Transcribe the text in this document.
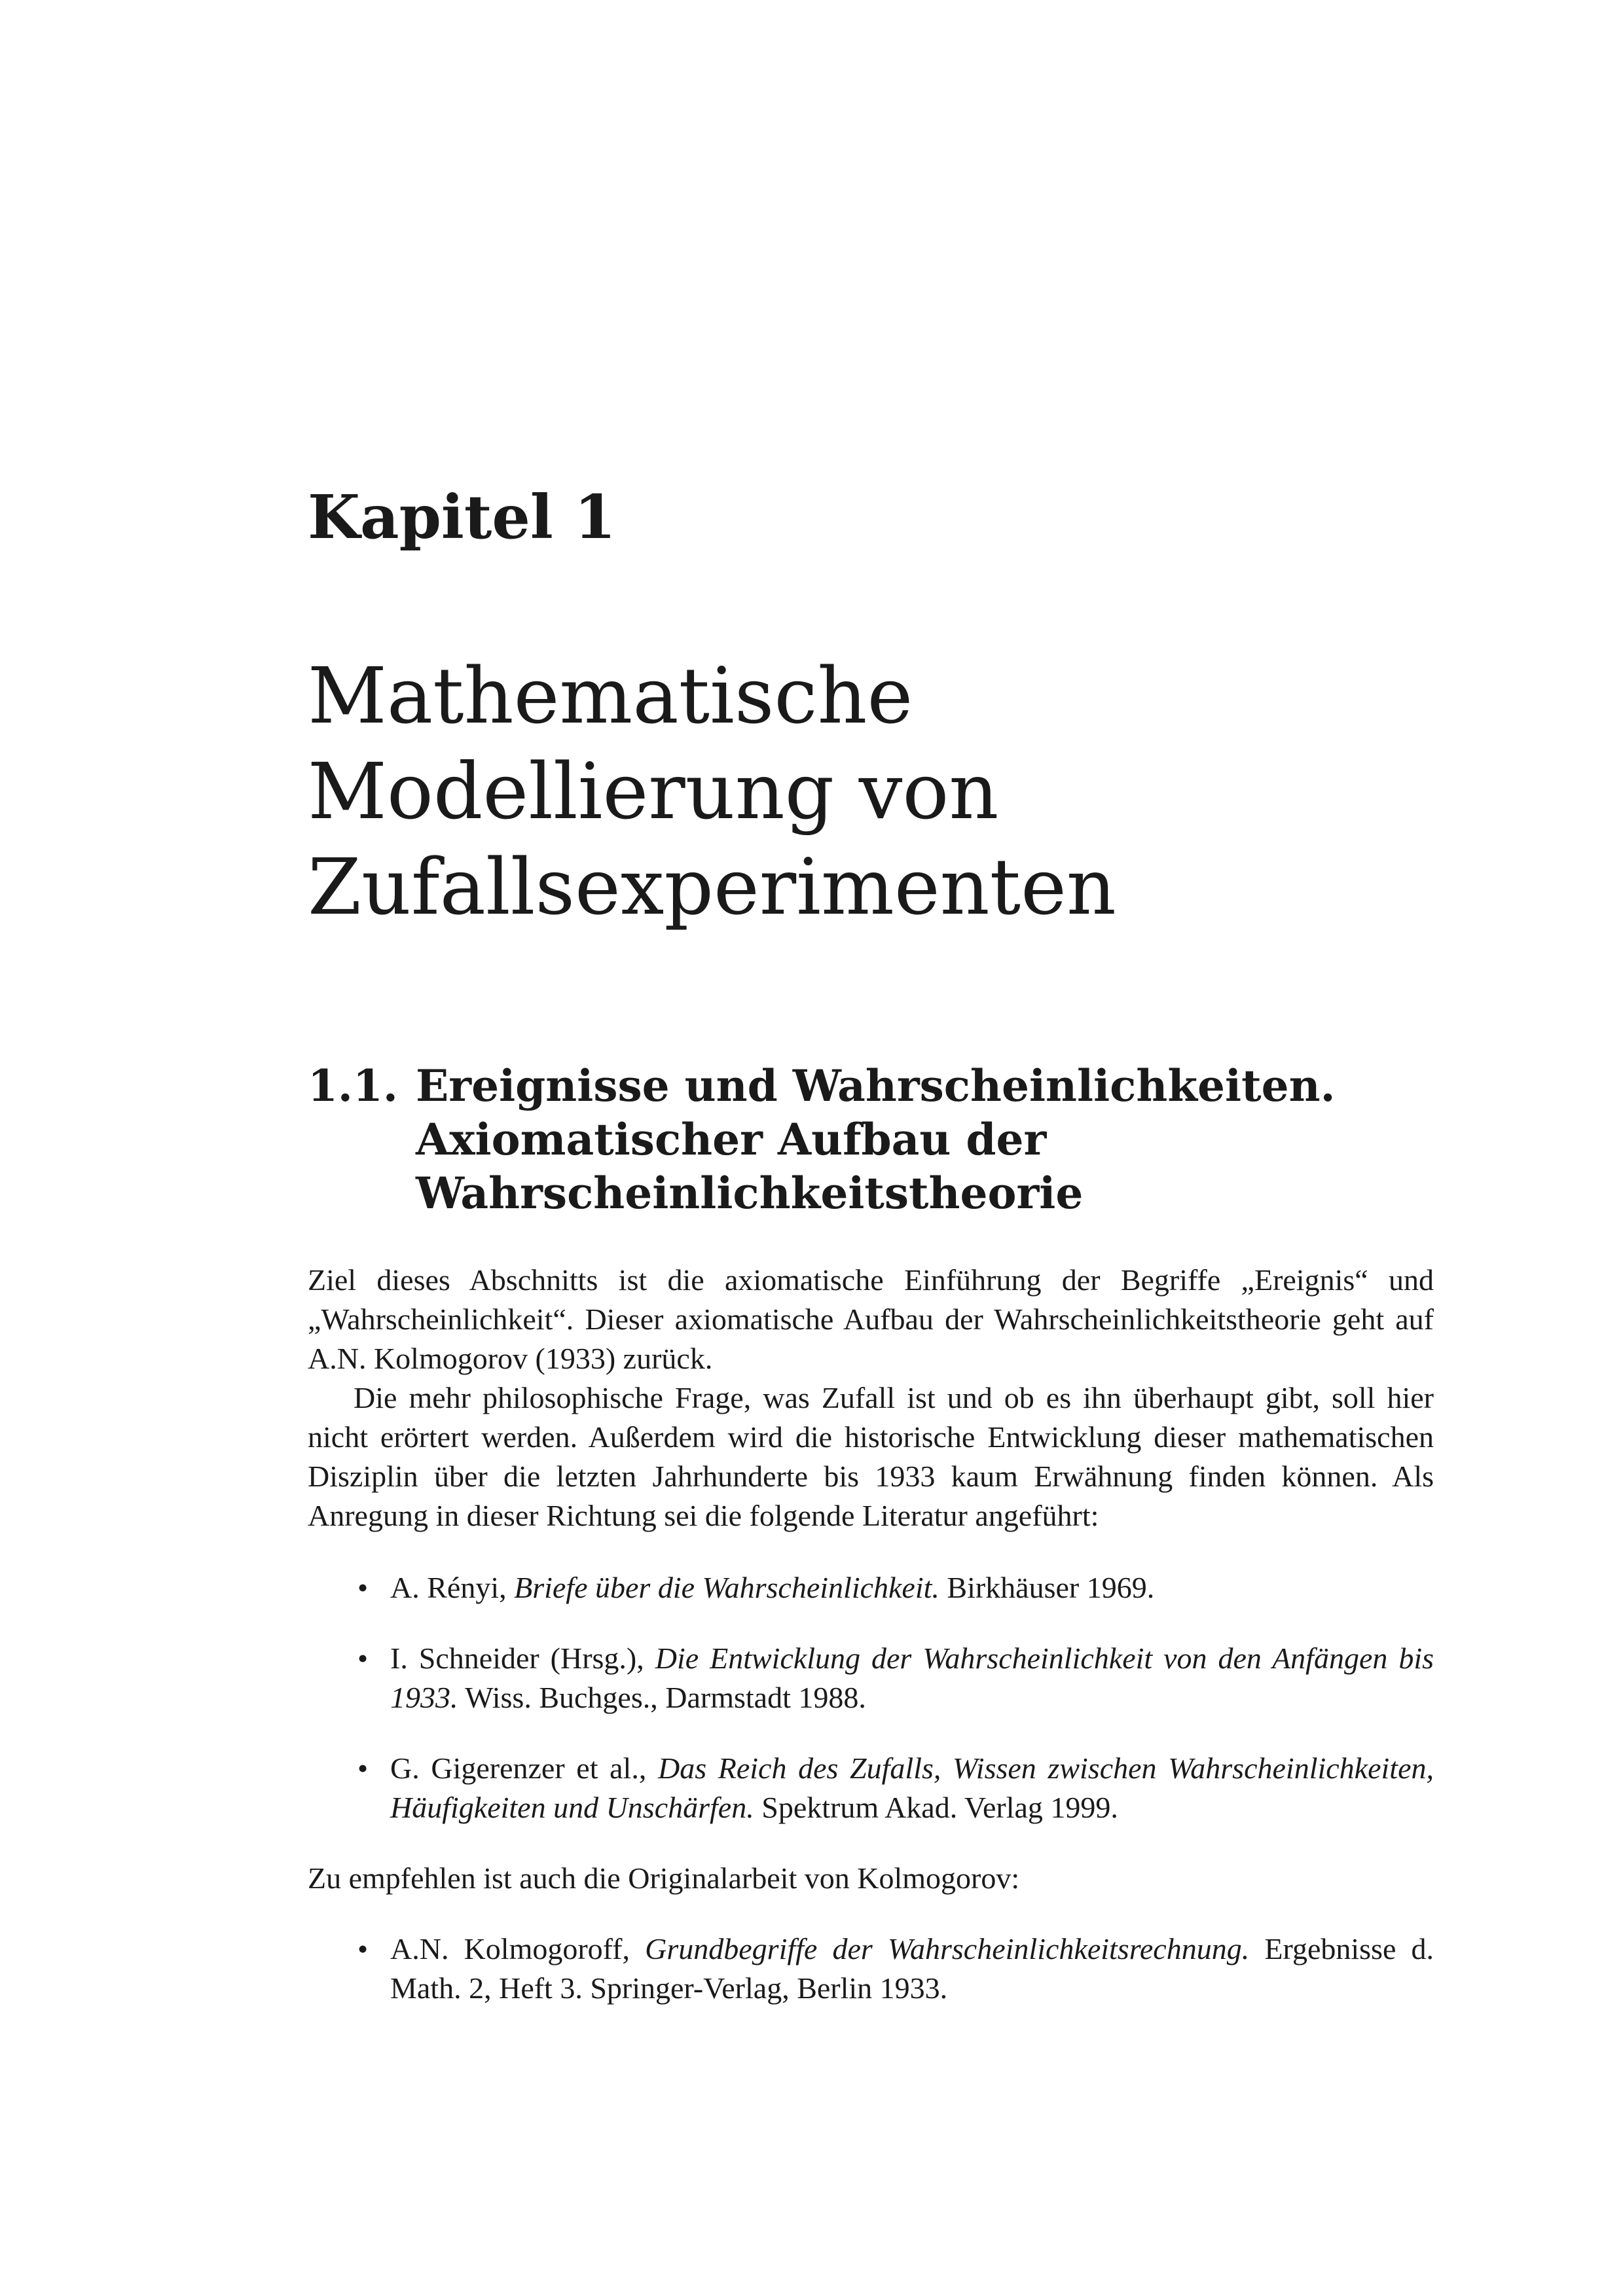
Kapitel 1
Mathematische
Modellierung von
Zufallsexperimenten
1.1. Ereignisse und Wahrscheinlichkeiten.
Axiomatischer Aufbau der
Wahrscheinlichkeitstheorie

Ziel dieses Abschnitts ist die axiomatische Einführung der Begriffe „Ereignis“ und „Wahrscheinlichkeit“. Dieser axiomatische Aufbau der Wahrscheinlichkeitstheorie geht auf A.N. Kolmogorov (1933) zurück.

Die mehr philosophische Frage, was Zufall ist und ob es ihn überhaupt gibt, soll hier nicht erörtert werden. Außerdem wird die historische Entwicklung dieser mathematischen Disziplin über die letzten Jahrhunderte bis 1933 kaum Erwähnung finden können. Als Anregung in dieser Richtung sei die folgende Literatur angeführt:

• A. Rényi, Briefe über die Wahrscheinlichkeit. Birkhäuser 1969.
• I. Schneider (Hrsg.), Die Entwicklung der Wahrscheinlichkeit von den Anfängen bis 1933. Wiss. Buchges., Darmstadt 1988.
• G. Gigerenzer et al., Das Reich des Zufalls, Wissen zwischen Wahrscheinlichkeiten, Häufigkeiten und Unschärfen. Spektrum Akad. Verlag 1999.

Zu empfehlen ist auch die Originalarbeit von Kolmogorov:

• A.N. Kolmogoroff, Grundbegriffe der Wahrscheinlichkeitsrechnung. Ergebnisse d. Math. 2, Heft 3. Springer-Verlag, Berlin 1933.
